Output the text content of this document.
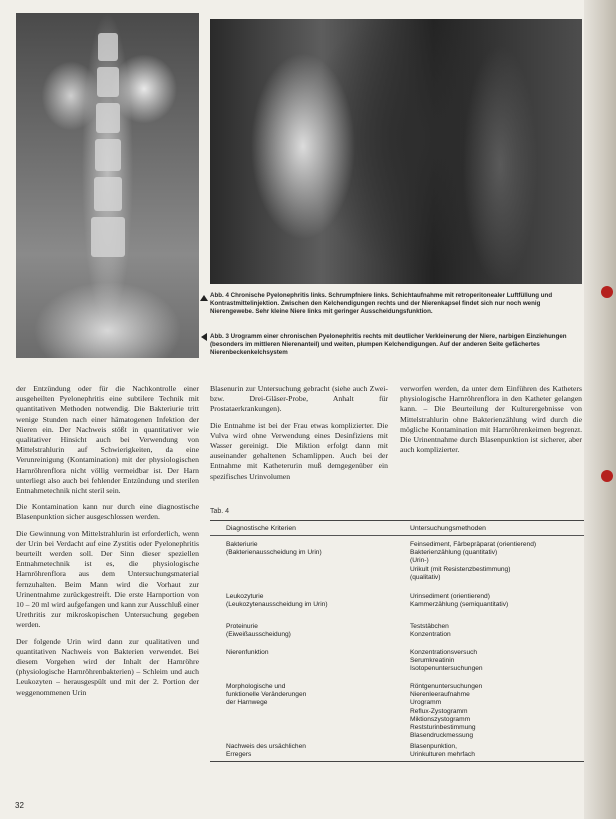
Abb. 4 Chronische Pyelonephritis links. Schrumpfniere links. Schichtaufnahme mit retroperitonealer Luftfüllung und Kontrastmittelinjektion. Zwischen den Kelchendigungen rechts und der Nierenkapsel findet sich nur noch wenig Nierengewebe. Sehr kleine Niere links mit geringer Ausscheidungsfunktion.
Abb. 3 Urogramm einer chronischen Pyelonephritis rechts mit deutlicher Verkleinerung der Niere, narbigen Einziehungen (besonders im mittleren Nierenanteil) und weiten, plumpen Kelchendigungen. Auf der anderen Seite gefächertes Nierenbeckenkelchsystem

der Entzündung oder für die Nachkontrolle einer ausgeheilten Pyelonephritis eine subtilere Technik mit quantitativen Methoden notwendig. Die Bakteriurie tritt wenige Stunden nach einer hämatogenen Infektion der Nieren ein. Der Nachweis stößt in quantitativer wie qualitativer Hinsicht auch bei Verwendung von Mittelstrahlurin auf Schwierigkeiten, da eine Verunreinigung (Kontamination) mit der physiologischen Harnröhrenflora nicht völlig vermeidbar ist. Der Harn unterliegt also auch bei fehlender Entzündung und sterilen Entnahmetechnik nicht steril sein.

Die Kontamination kann nur durch eine diagnostische Blasenpunktion sicher ausgeschlossen werden.

Die Gewinnung von Mittelstrahlurin ist erforderlich, wenn der Urin bei Verdacht auf eine Zystitis oder Pyelonephritis beurteilt werden soll. Der Sinn dieser speziellen Entnahmetechnik ist es, die physiologische Harnröhrenflora aus dem Untersuchungsmaterial fernzuhalten. Beim Mann wird die Vorhaut zur Urinentnahme zurückgestreift. Die erste Harnportion von 10 – 20 ml wird aufgefangen und kann zur Ausschluß einer Urethritis zur mikroskopischen Untersuchung gegeben werden.

Der folgende Urin wird dann zur qualitativen und quantitativen Nachweis von Bakterien verwendet. Bei diesem Vorgehen wird der Inhalt der Harnröhre (physiologische Harnröhrenbakterien) – Schleim und auch Leukozyten – herausgespült und mit der 2. Portion der weggenommenen Urin

Blasenurin zur Untersuchung gebracht (siehe auch Zwei- bzw. Drei-Gläser-Probe, Anhalt für Prostataerkrankungen).

Die Entnahme ist bei der Frau etwas komplizierter. Die Vulva wird ohne Verwendung eines Desinfiziens mit Wasser gereinigt. Die Miktion erfolgt dann mit auseinander gehaltenen Schamlippen. Auch bei der Entnahme mit Katheterurin muß demgegenüber ein spezifisches Urinvolumen

verworfen werden, da unter dem Einführen des Katheters physiologische Harnröhrenflora in den Katheter gelangen kann. – Die Beurteilung der Kulturergebnisse von Mittelstrahlurin ohne Bakterienzählung wird durch die mögliche Kontamination mit Harnröhrenkeimen begrenzt. Die Urinentnahme durch Blasenpunktion ist sicherer, aber auch komplizierter.

Tab. 4
Diagnostische Kriterien	Untersuchungsmethoden
Bakteriurie
(Bakterienausscheidung im Urin)
Feinsediment, Färbepräparat (orientierend)
Bakterienzählung (quantitativ)
(Urin-)
Urikult (mit Resistenzbestimmung)
(qualitativ)
Leukozyturie
(Leukozytenausscheidung im Urin)
Urinsediment (orientierend)
Kammerzählung (semiquantitativ)
Proteinurie
(Eiweißausscheidung)
Teststäbchen
Konzentration
Nierenfunktion	Konzentrationsversuch
Serumkreatinin
Isotopenuntersuchungen
Morphologische und
funktionelle Veränderungen
der Harnwege
Röntgenuntersuchungen
Nierenleeraufnahme
Urogramm
Reflux-Zystogramm
Miktionszystogramm
Reststurinbestimmung
Blasendruckmessung
Nachweis des ursächlichen
Erregers
Blasenpunktion,
Urinkulturen mehrfach
32
